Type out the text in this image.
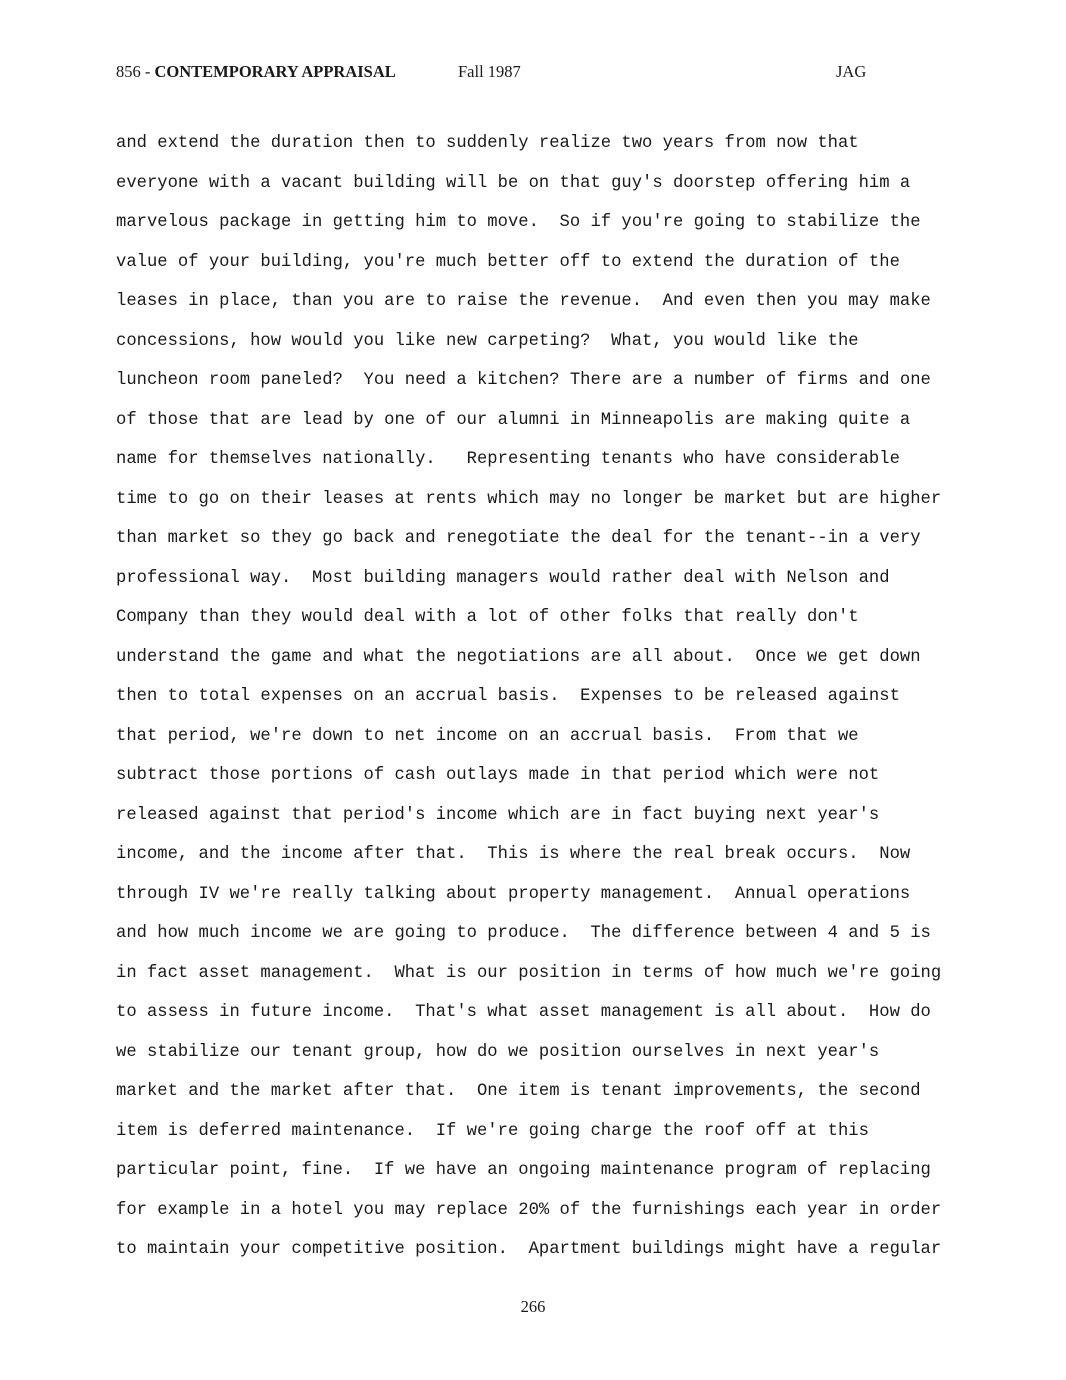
856 - CONTEMPORARY APPRAISAL	Fall 1987	JAG
and extend the duration then to suddenly realize two years from now that
everyone with a vacant building will be on that guy's doorstep offering him a
marvelous package in getting him to move.  So if you're going to stabilize the
value of your building, you're much better off to extend the duration of the
leases in place, than you are to raise the revenue.  And even then you may make
concessions, how would you like new carpeting?  What, you would like the
luncheon room paneled?  You need a kitchen? There are a number of firms and one
of those that are lead by one of our alumni in Minneapolis are making quite a
name for themselves nationally.   Representing tenants who have considerable
time to go on their leases at rents which may no longer be market but are higher
than market so they go back and renegotiate the deal for the tenant--in a very
professional way.  Most building managers would rather deal with Nelson and
Company than they would deal with a lot of other folks that really don't
understand the game and what the negotiations are all about.  Once we get down
then to total expenses on an accrual basis.  Expenses to be released against
that period, we're down to net income on an accrual basis.  From that we
subtract those portions of cash outlays made in that period which were not
released against that period's income which are in fact buying next year's
income, and the income after that.  This is where the real break occurs.  Now
through IV we're really talking about property management.  Annual operations
and how much income we are going to produce.  The difference between 4 and 5 is
in fact asset management.  What is our position in terms of how much we're going
to assess in future income.  That's what asset management is all about.  How do
we stabilize our tenant group, how do we position ourselves in next year's
market and the market after that.  One item is tenant improvements, the second
item is deferred maintenance.  If we're going charge the roof off at this
particular point, fine.  If we have an ongoing maintenance program of replacing
for example in a hotel you may replace 20% of the furnishings each year in order
to maintain your competitive position.  Apartment buildings might have a regular
266
